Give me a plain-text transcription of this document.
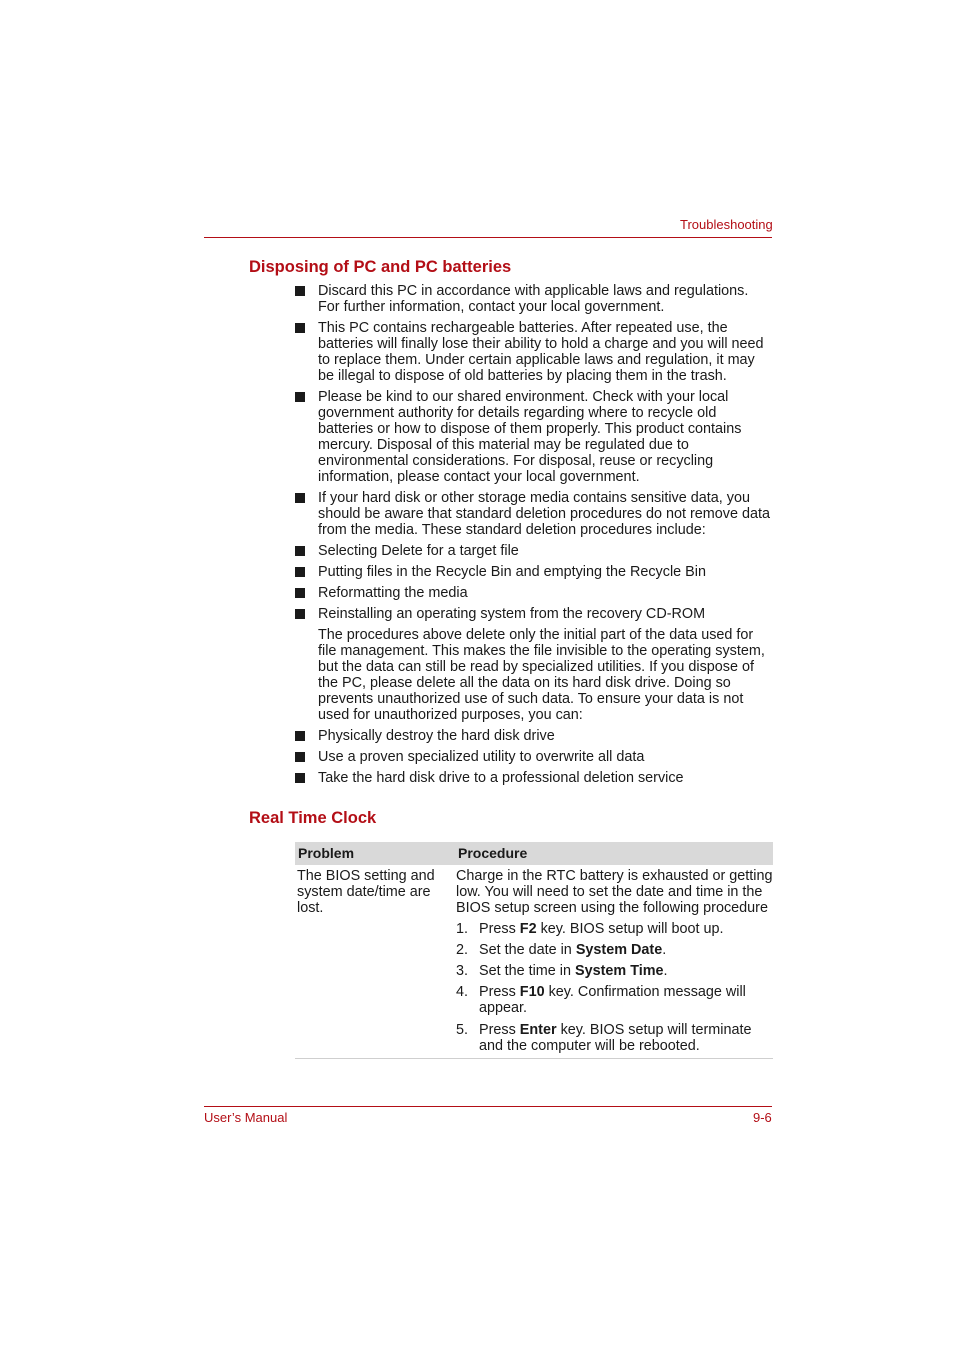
Troubleshooting
Disposing of PC and PC batteries
Discard this PC in accordance with applicable laws and regulations. For further information, contact your local government.
This PC contains rechargeable batteries. After repeated use, the batteries will finally lose their ability to hold a charge and you will need to replace them. Under certain applicable laws and regulation, it may be illegal to dispose of old batteries by placing them in the trash.
Please be kind to our shared environment. Check with your local government authority for details regarding where to recycle old batteries or how to dispose of them properly. This product contains mercury. Disposal of this material may be regulated due to environmental considerations. For disposal, reuse or recycling information, please contact your local government.
If your hard disk or other storage media contains sensitive data, you should be aware that standard deletion procedures do not remove data from the media. These standard deletion procedures include:
Selecting Delete for a target file
Putting files in the Recycle Bin and emptying the Recycle Bin
Reformatting the media
Reinstalling an operating system from the recovery CD-ROM
The procedures above delete only the initial part of the data used for file management. This makes the file invisible to the operating system, but the data can still be read by specialized utilities. If you dispose of the PC, please delete all the data on its hard disk drive. Doing so prevents unauthorized use of such data. To ensure your data is not used for unauthorized purposes, you can:
Physically destroy the hard disk drive
Use a proven specialized utility to overwrite all data
Take the hard disk drive to a professional deletion service
Real Time Clock
Problem	Procedure
The BIOS setting and system date/time are lost.
Charge in the RTC battery is exhausted or getting low. You will need to set the date and time in the BIOS setup screen using the following procedure
1. Press F2 key. BIOS setup will boot up.
2. Set the date in System Date.
3. Set the time in System Time.
4. Press F10 key. Confirmation message will appear.
5. Press Enter key. BIOS setup will terminate and the computer will be rebooted.
User’s Manual	9-6
